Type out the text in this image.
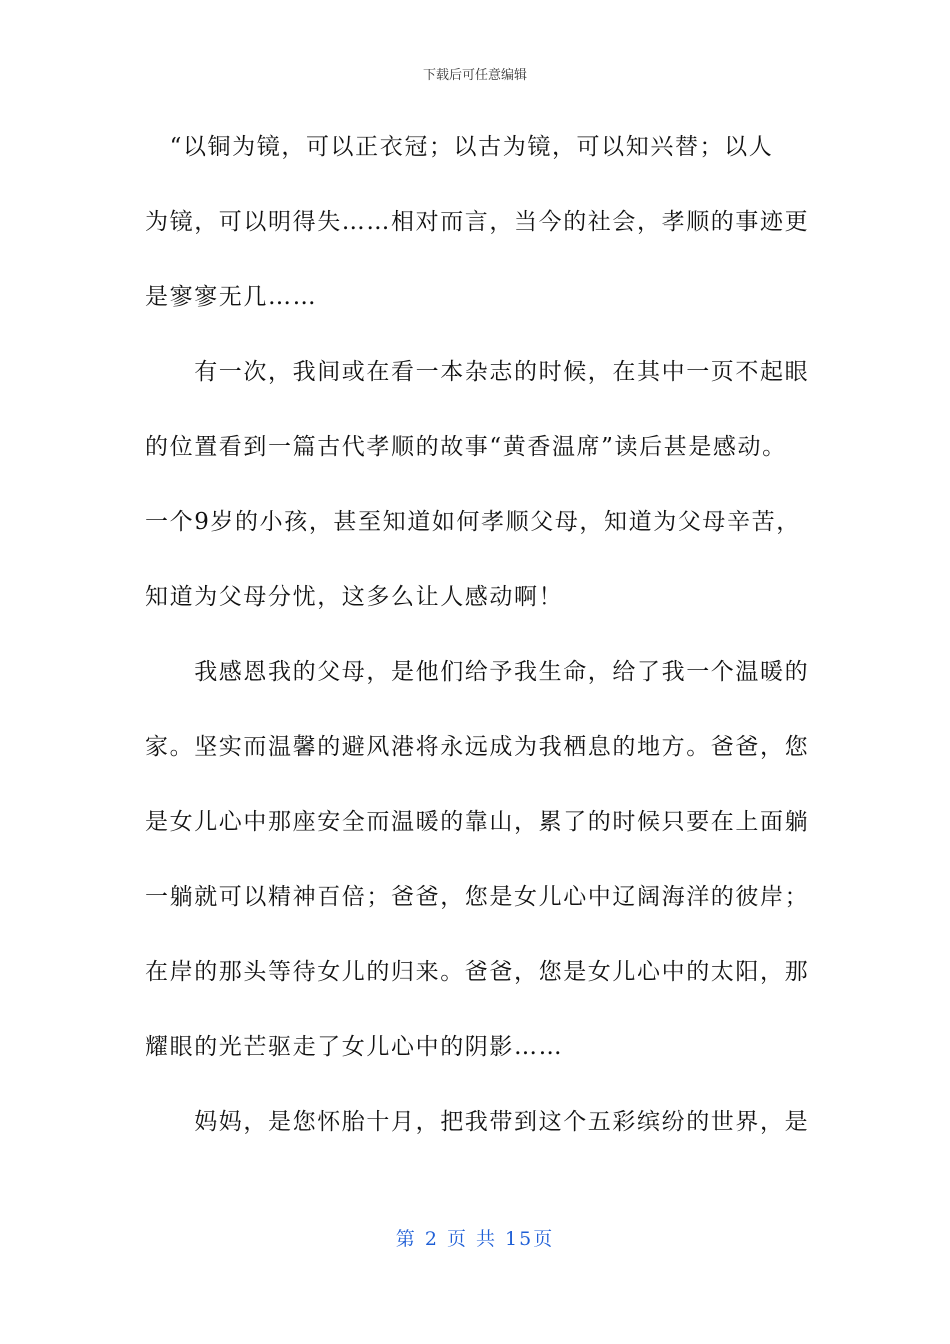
下载后可任意编辑
　“以铜为镜，可以正衣冠；以古为镜，可以知兴替；以人
为镜，可以明得失……相对而言，当今的社会，孝顺的事迹更
是寥寥无几……
　　有一次，我间或在看一本杂志的时候，在其中一页不起眼
的位置看到一篇古代孝顺的故事“黄香温席”读后甚是感动。
一个9岁的小孩，甚至知道如何孝顺父母，知道为父母辛苦，
知道为父母分忧，这多么让人感动啊！
　　我感恩我的父母，是他们给予我生命，给了我一个温暖的
家。坚实而温馨的避风港将永远成为我栖息的地方。爸爸，您
是女儿心中那座安全而温暖的靠山，累了的时候只要在上面躺
一躺就可以精神百倍；爸爸，您是女儿心中辽阔海洋的彼岸；
在岸的那头等待女儿的归来。爸爸，您是女儿心中的太阳，那
耀眼的光芒驱走了女儿心中的阴影……
　　妈妈，是您怀胎十月，把我带到这个五彩缤纷的世界，是
第 2 页 共 15页
